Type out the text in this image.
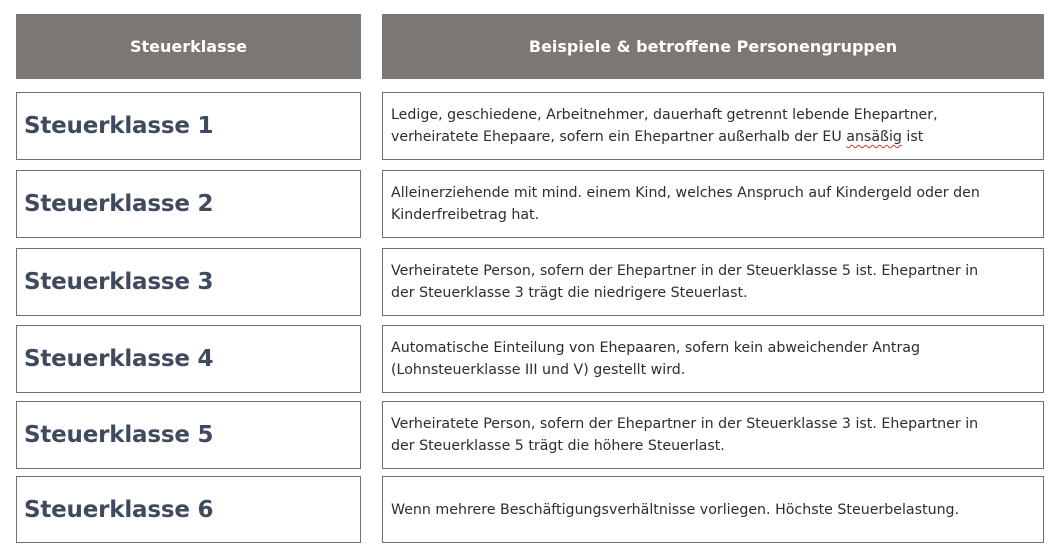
Steuerklasse	Beispiele & betroffene Personengruppen
Steuerklasse 1	Ledige, geschiedene, Arbeitnehmer, dauerhaft getrennt lebende Ehepartner,
verheiratete Ehepaare, sofern ein Ehepartner außerhalb der EU ansäßig ist
Steuerklasse 2	Alleinerziehende mit mind. einem Kind, welches Anspruch auf Kindergeld oder den
Kinderfreibetrag hat.
Steuerklasse 3	Verheiratete Person, sofern der Ehepartner in der Steuerklasse 5 ist. Ehepartner in
der Steuerklasse 3 trägt die niedrigere Steuerlast.
Steuerklasse 4	Automatische Einteilung von Ehepaaren, sofern kein abweichender Antrag
(Lohnsteuerklasse III und V) gestellt wird.
Steuerklasse 5	Verheiratete Person, sofern der Ehepartner in der Steuerklasse 3 ist. Ehepartner in
der Steuerklasse 5 trägt die höhere Steuerlast.
Steuerklasse 6	Wenn mehrere Beschäftigungsverhältnisse vorliegen. Höchste Steuerbelastung.
